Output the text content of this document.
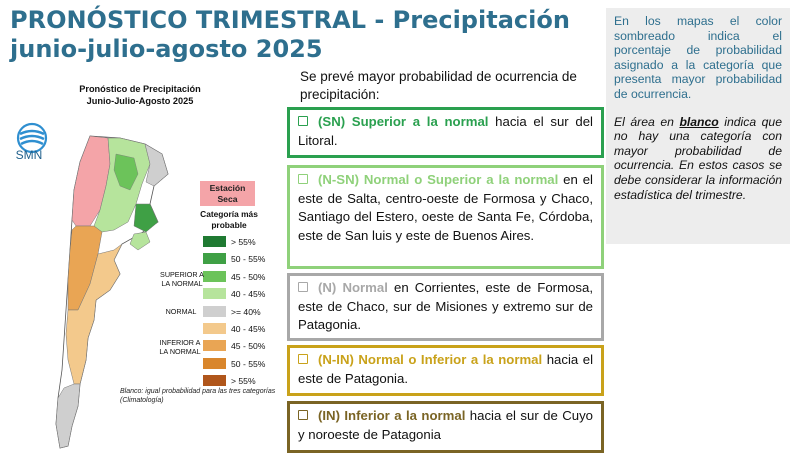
PRONÓSTICO TRIMESTRAL - Precipitación
junio-julio-agosto 2025

En los mapas el color sombreado indica el porcentaje de probabilidad asignado a la categoría que presenta mayor probabilidad de ocurrencia.

El área en blanco indica que no hay una categoría con mayor probabilidad de ocurrencia. En estos casos se debe considerar la información estadística del trimestre.

Se prevé mayor probabilidad de ocurrencia de precipitación:
(SN) Superior a la normal hacia el sur del Litoral.
(N-SN) Normal o Superior a la normal en el este de Salta, centro-oeste de Formosa y Chaco, Santiago del Estero, oeste de Santa Fe, Córdoba, este de San luis y este de Buenos Aires.
(N) Normal en Corrientes, este de Formosa, este de Chaco, sur de Misiones y extremo sur de Patagonia.
(N-IN) Normal o Inferior a la normal hacia el este de Patagonia.
(IN) Inferior a la normal hacia el sur de Cuyo y noroeste de Patagonia
Pronóstico de Precipitación
Junio-Julio-Agosto 2025
SMN
Estación
Seca
Categoría más
probable
> 55%
50 - 55%
45 - 50%
40 - 45%
>= 40%
40 - 45%
45 - 50%
50 - 55%
> 55%
SUPERIOR A
LA NORMAL
NORMAL
INFERIOR A
LA NORMAL
Blanco: igual probabilidad para las tres categorías (Climatología)
